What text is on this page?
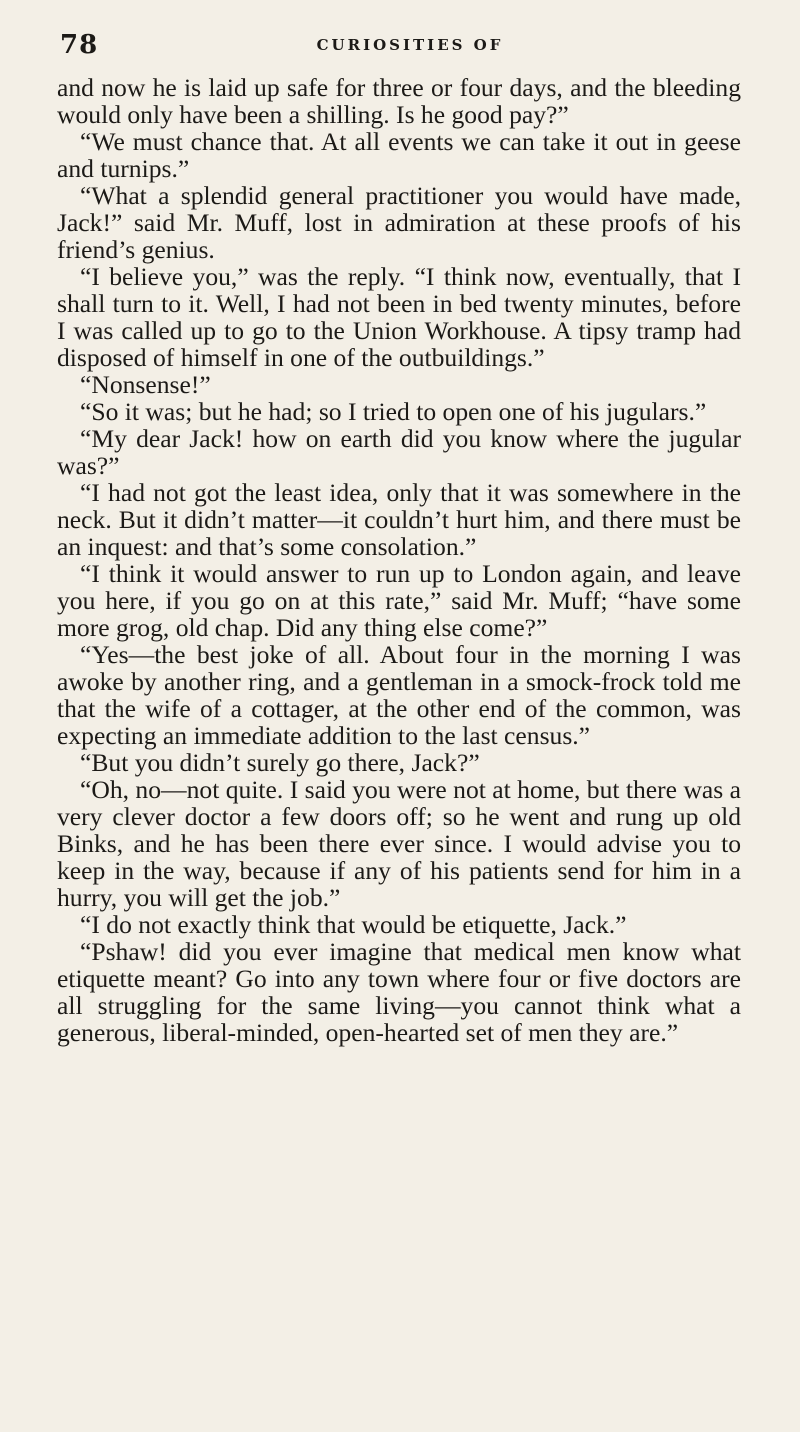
78	CURIOSITIES OF

and now he is laid up safe for three or four days, and the bleeding would only have been a shilling. Is he good pay?”

“We must chance that. At all events we can take it out in geese and turnips.”

“What a splendid general practitioner you would have made, Jack!” said Mr. Muff, lost in admiration at these proofs of his friend’s genius.

“I believe you,” was the reply. “I think now, eventually, that I shall turn to it. Well, I had not been in bed twenty minutes, before I was called up to go to the Union Workhouse. A tipsy tramp had disposed of himself in one of the outbuildings.”

“Nonsense!”

“So it was; but he had; so I tried to open one of his jugulars.”

“My dear Jack! how on earth did you know where the jugular was?”

“I had not got the least idea, only that it was somewhere in the neck. But it didn’t matter—it couldn’t hurt him, and there must be an inquest: and that’s some consolation.”

“I think it would answer to run up to London again, and leave you here, if you go on at this rate,” said Mr. Muff; “have some more grog, old chap. Did any thing else come?”

“Yes—the best joke of all. About four in the morning I was awoke by another ring, and a gentleman in a smock-frock told me that the wife of a cottager, at the other end of the common, was expecting an immediate addition to the last census.”

“But you didn’t surely go there, Jack?”

“Oh, no—not quite. I said you were not at home, but there was a very clever doctor a few doors off; so he went and rung up old Binks, and he has been there ever since. I would advise you to keep in the way, because if any of his patients send for him in a hurry, you will get the job.”

“I do not exactly think that would be etiquette, Jack.”

“Pshaw! did you ever imagine that medical men know what etiquette meant? Go into any town where four or five doctors are all struggling for the same living—you cannot think what a generous, liberal-minded, open-hearted set of men they are.”
